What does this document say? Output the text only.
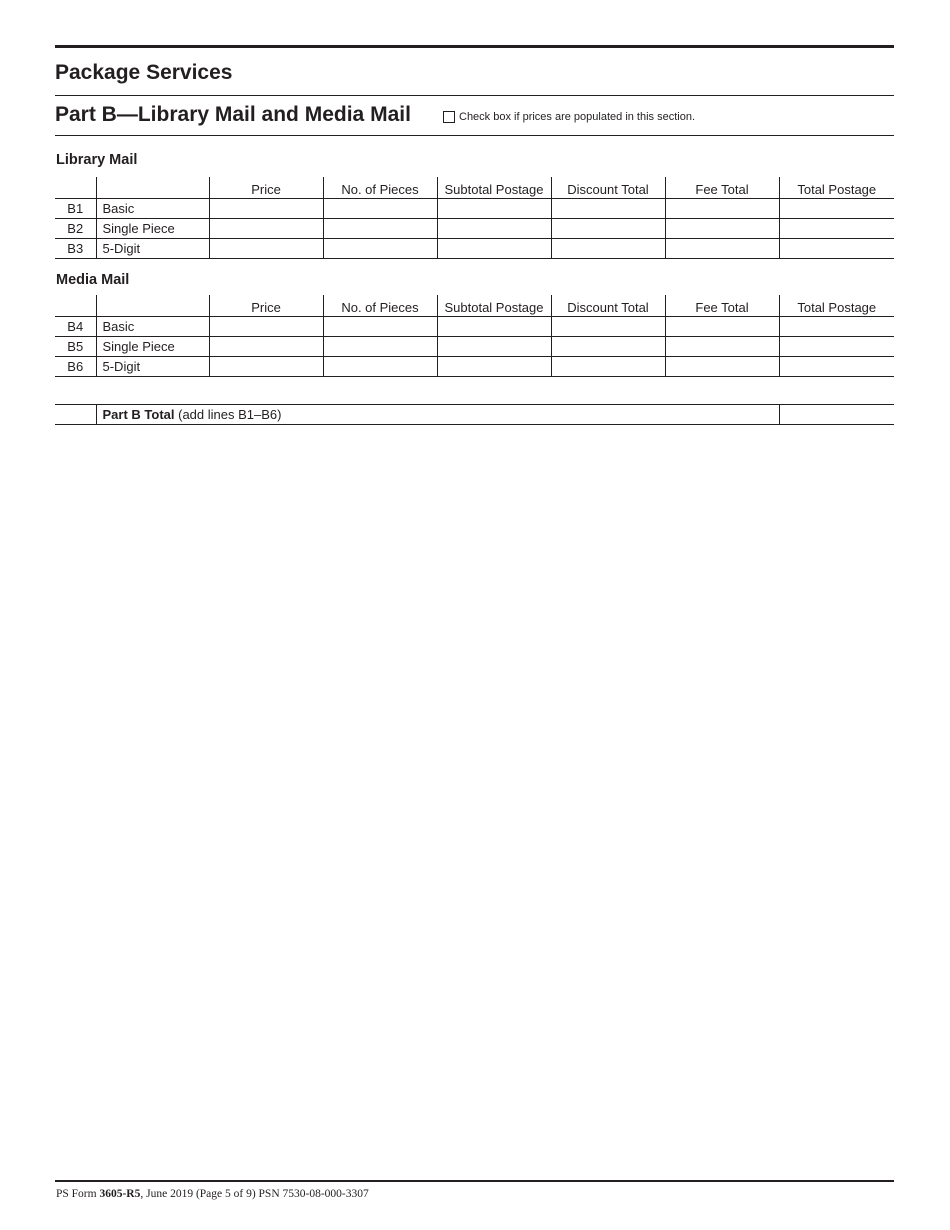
Package Services
Part B—Library Mail and Media Mail	Check box if prices are populated in this section.
Library Mail
		Price	No. of Pieces	Subtotal Postage	Discount Total	Fee Total	Total Postage
B1	Basic						
B2	Single Piece						
B3	5-Digit						
Media Mail
		Price	No. of Pieces	Subtotal Postage	Discount Total	Fee Total	Total Postage
B4	Basic						
B5	Single Piece						
B6	5-Digit						
	Part B Total (add lines B1–B6)	
PS Form 3605-R5, June 2019 (Page 5 of 9) PSN 7530-08-000-3307
